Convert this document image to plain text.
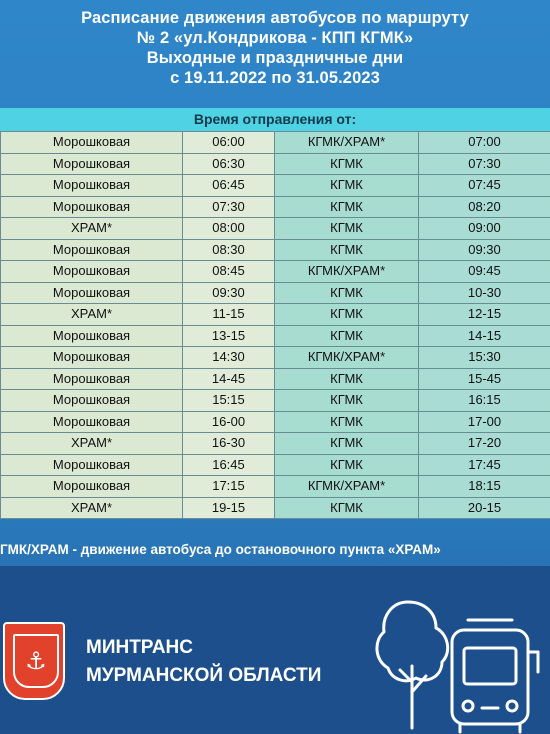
Расписание движения автобусов по маршруту
№ 2 «ул.Кондрикова - КПП КГМК»
Выходные и праздничные дни
с 19.11.2022 по 31.05.2023
Время отправления от:
Морошковая	06:00	КГМК/ХРАМ*	07:00
Морошковая	06:30	КГМК	07:30
Морошковая	06:45	КГМК	07:45
Морошковая	07:30	КГМК	08:20
ХРАМ*	08:00	КГМК	09:00
Морошковая	08:30	КГМК	09:30
Морошковая	08:45	КГМК/ХРАМ*	09:45
Морошковая	09:30	КГМК	10-30
ХРАМ*	11-15	КГМК	12-15
Морошковая	13-15	КГМК	14-15
Морошковая	14:30	КГМК/ХРАМ*	15:30
Морошковая	14-45	КГМК	15-45
Морошковая	15:15	КГМК	16:15
Морошковая	16-00	КГМК	17-00
ХРАМ*	16-30	КГМК	17-20
Морошковая	16:45	КГМК	17:45
Морошковая	17:15	КГМК/ХРАМ*	18:15
ХРАМ*	19-15	КГМК	20-15
ГМК/ХРАМ - движение автобуса до остановочного пункта «ХРАМ»
⚓	МИНТРАНС
МУРМАНСКОЙ ОБЛАСТИ
